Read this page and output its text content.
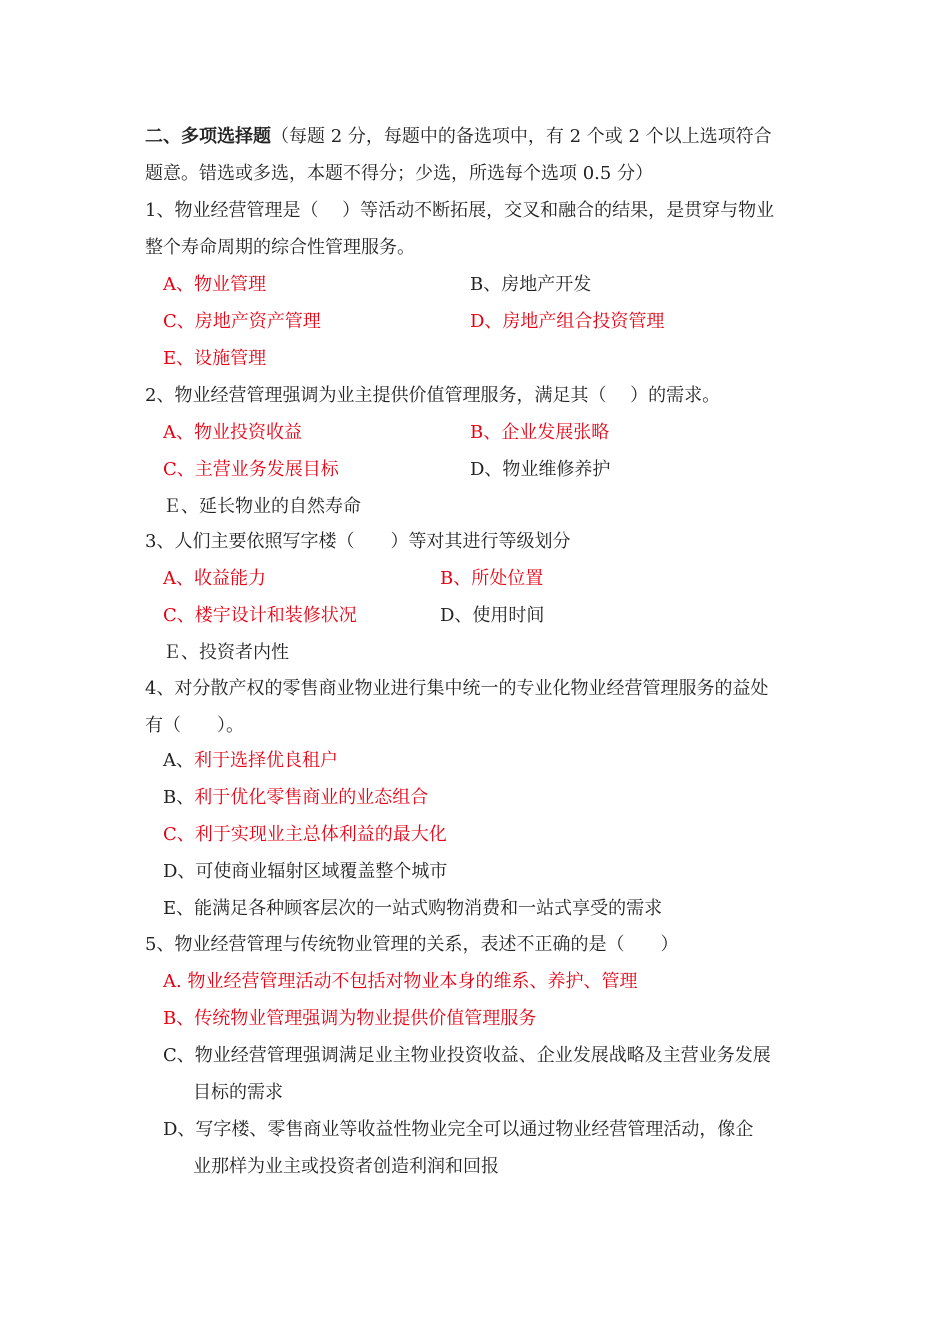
二、多项选择题（每题 2 分，每题中的备选项中，有 2 个或 2 个以上选项符合
题意。错选或多选，本题不得分；少选，所选每个选项 0.5 分）
1、物业经营管理是（　 ）等活动不断拓展，交叉和融合的结果，是贯穿与物业
整个寿命周期的综合性管理服务。
A、物业管理	B、房地产开发
C、房地产资产管理	D、房地产组合投资管理
E、设施管理
2、物业经营管理强调为业主提供价值管理服务，满足其（　 ）的需求。
A、物业投资收益	B、企业发展张略
C、主营业务发展目标	D、物业维修养护
Ｅ、延长物业的自然寿命
3、人们主要依照写字楼（　　）等对其进行等级划分
A、收益能力	B、所处位置
C、楼宇设计和装修状况	D、使用时间
Ｅ、投资者内性
4、对分散产权的零售商业物业进行集中统一的专业化物业经营管理服务的益处
有（　　）。
A、利于选择优良租户
B、利于优化零售商业的业态组合
C、利于实现业主总体利益的最大化
D、可使商业辐射区域覆盖整个城市
E、能满足各种顾客层次的一站式购物消费和一站式享受的需求
5、物业经营管理与传统物业管理的关系，表述不正确的是（　　）
A. 物业经营管理活动不包括对物业本身的维系、养护、管理
B、传统物业管理强调为物业提供价值管理服务
C、物业经营管理强调满足业主物业投资收益、企业发展战略及主营业务发展
目标的需求
D、写字楼、零售商业等收益性物业完全可以通过物业经营管理活动，像企
业那样为业主或投资者创造利润和回报
